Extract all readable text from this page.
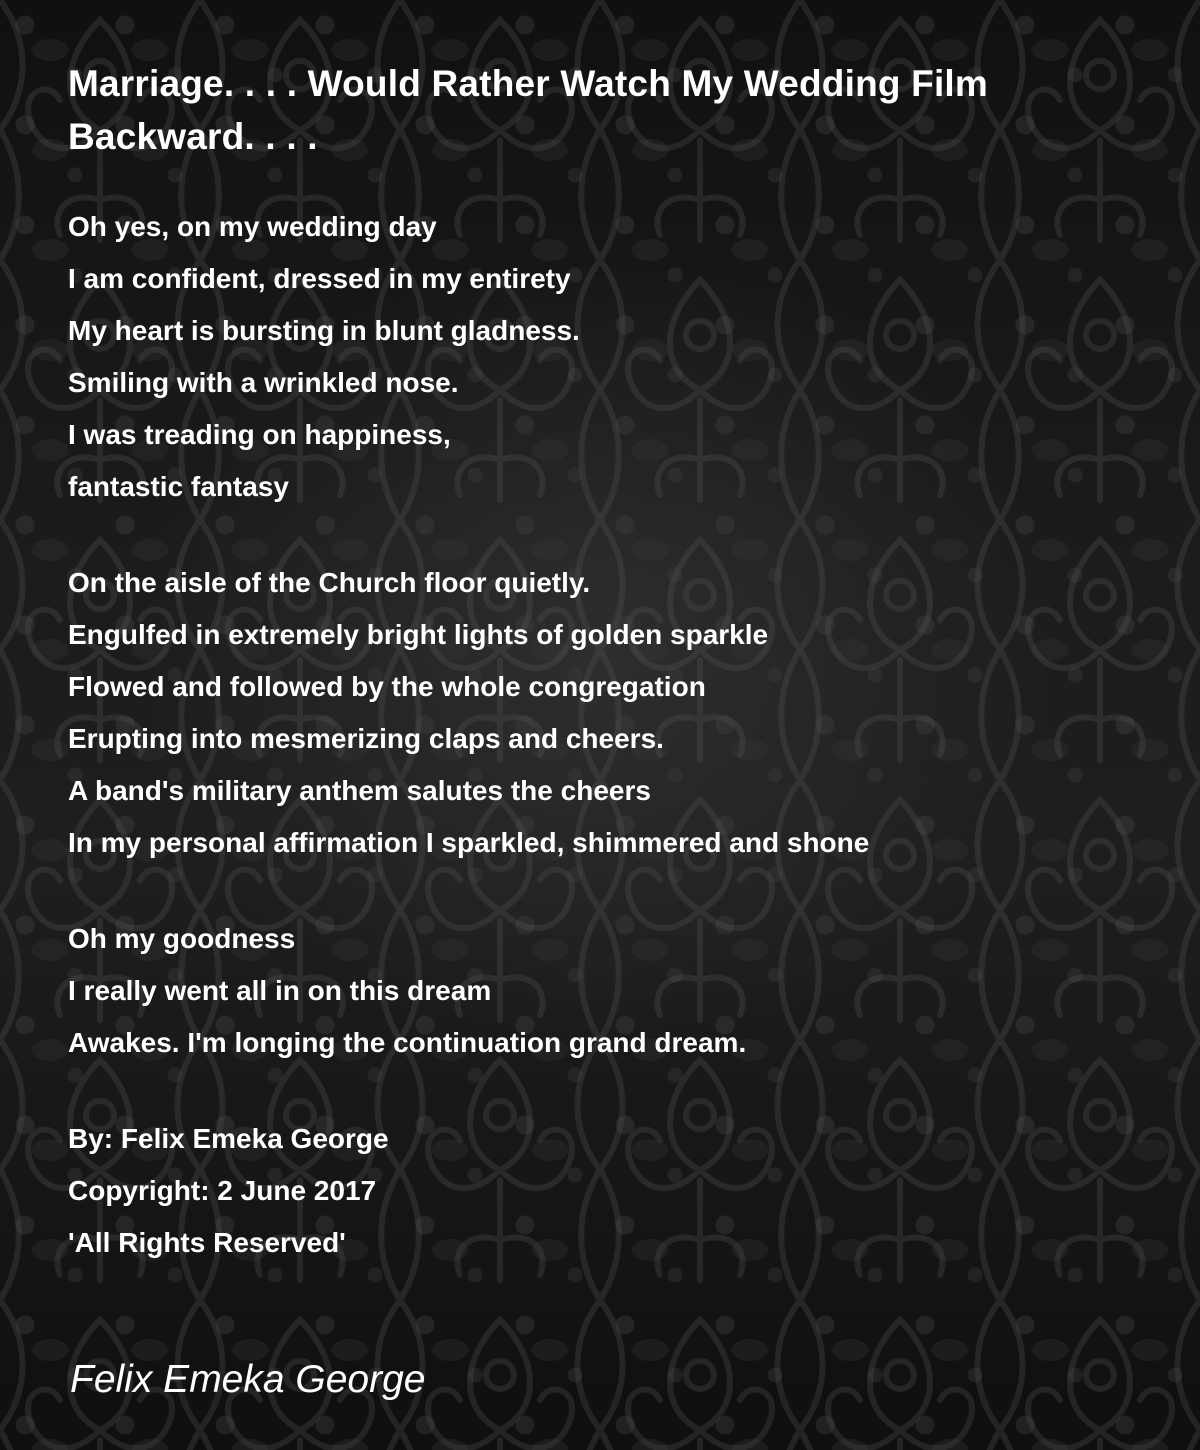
Marriage. . . . Would Rather Watch My Wedding Film Backward. . . .
Oh yes, on my wedding day
I am confident, dressed in my entirety
My heart is bursting in blunt gladness.
Smiling with a wrinkled nose.
I was treading on happiness,
fantastic fantasy
On the aisle of the Church floor quietly.
Engulfed in extremely bright lights of golden sparkle
Flowed and followed by the whole congregation
Erupting into mesmerizing claps and cheers.
A band's military anthem salutes the cheers
In my personal affirmation I sparkled, shimmered and shone
Oh my goodness
I really went all in on this dream
Awakes. I'm longing the continuation grand dream.
By: Felix Emeka George
Copyright: 2 June 2017
'All Rights Reserved'
Felix Emeka George
